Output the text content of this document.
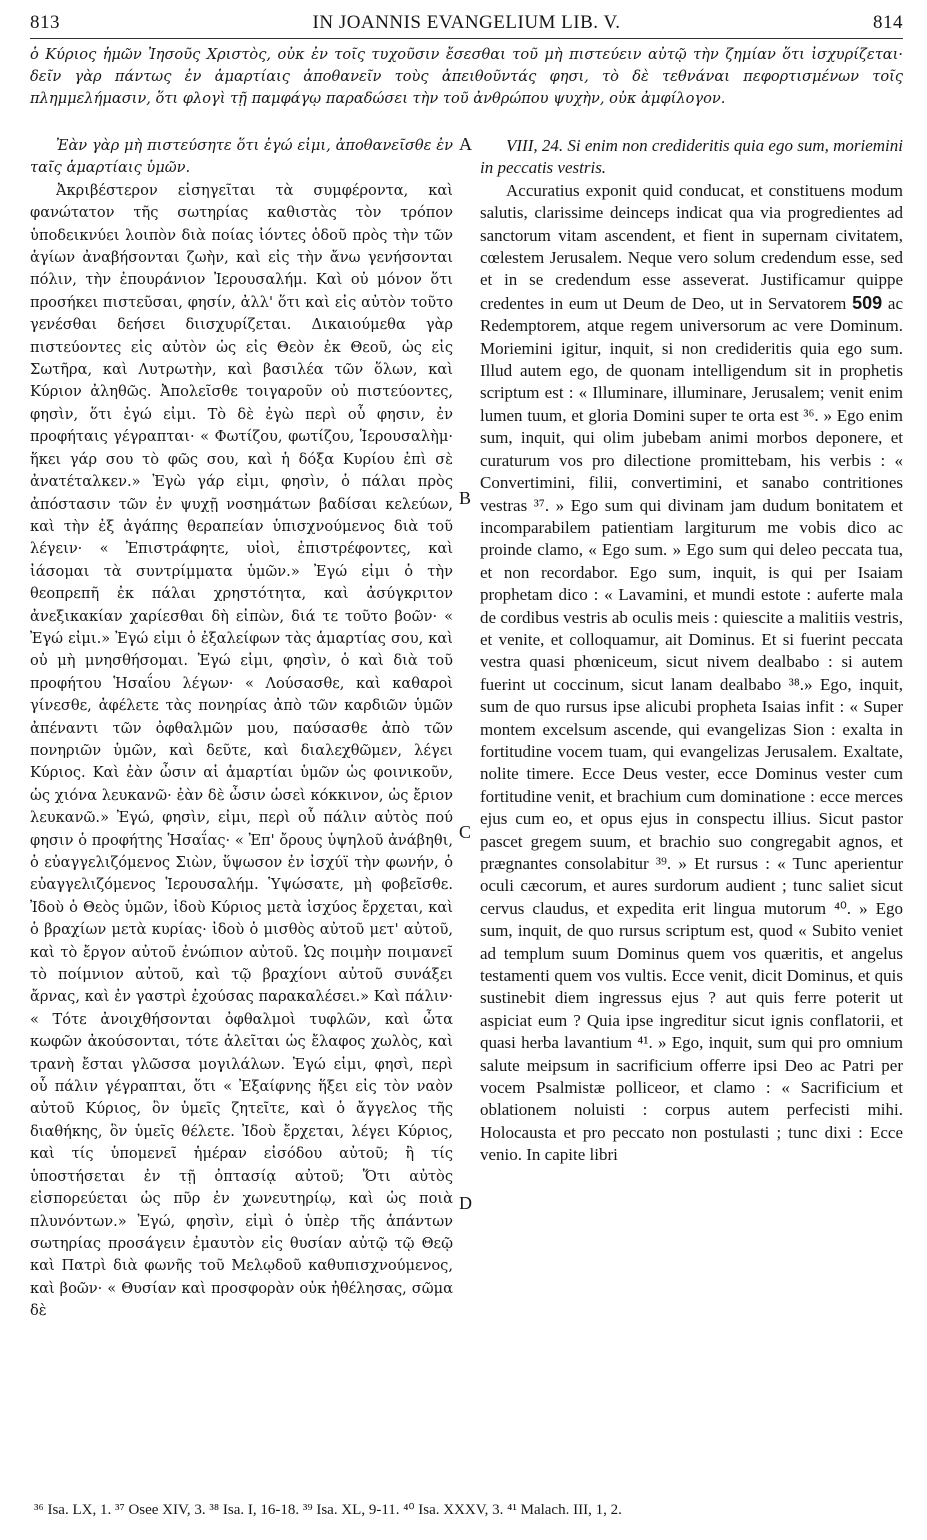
813	IN JOANNIS EVANGELIUM LIB. V.	814
ὁ Κύριος ἡμῶν Ἰησοῦς Χριστὸς, οὐκ ἐν τοῖς τυχοῦσιν ἔσεσθαι τοῦ μὴ πιστεύειν αὐτῷ τὴν ζημίαν ὅτι ἰσχυρίζεται· δεῖν γὰρ πάντως ἐν ἁμαρτίαις ἀποθανεῖν τοὺς ἀπειθοῦντάς φησι, τὸ δὲ τεθνάναι πεφορτισμένων τοῖς πλημμελήμασιν, ὅτι φλογὶ τῇ παμφάγῳ παραδώσει τὴν τοῦ ἀνθρώπου ψυχὴν, οὐκ ἀμφίλογον.

Ἐὰν γὰρ μὴ πιστεύσητε ὅτι ἐγώ εἰμι, ἀποθανεῖσθε ἐν ταῖς ἁμαρτίαις ὑμῶν.

Ἀκριβέστερον εἰσηγεῖται τὰ συμφέροντα, καὶ φανώτατον τῆς σωτηρίας καθιστὰς τὸν τρόπον ὑποδεικνύει λοιπὸν διὰ ποίας ἰόντες ὁδοῦ πρὸς τὴν τῶν ἁγίων ἀναβήσονται ζωὴν, καὶ εἰς τὴν ἄνω γενήσονται πόλιν, τὴν ἐπουράνιον Ἰερουσαλήμ. Καὶ οὐ μόνον ὅτι προσήκει πιστεῦσαι, φησίν, ἀλλ' ὅτι καὶ εἰς αὐτὸν τοῦτο γενέσθαι δεήσει διισχυρίζεται. Δικαιούμεθα γὰρ πιστεύοντες εἰς αὐτὸν ὡς εἰς Θεὸν ἐκ Θεοῦ, ὡς εἰς Σωτῆρα, καὶ Λυτρωτὴν, καὶ βασιλέα τῶν ὅλων, καὶ Κύριον ἀληθῶς. Ἀπολεῖσθε τοιγαροῦν οὐ πιστεύοντες, φησὶν, ὅτι ἐγώ εἰμι. Τὸ δὲ ἐγὼ περὶ οὗ φησιν, ἐν προφήταις γέγραπται· « Φωτίζου, φωτίζου, Ἱερουσαλὴμ· ἥκει γάρ σου τὸ φῶς σου, καὶ ἡ δόξα Κυρίου ἐπὶ σὲ ἀνατέταλκεν.» Ἐγὼ γάρ εἰμι, φησὶν, ὁ πάλαι πρὸς ἀπόστασιν τῶν ἐν ψυχῇ νοσημάτων βαδίσαι κελεύων, καὶ τὴν ἐξ ἀγάπης θεραπείαν ὑπισχνούμενος διὰ τοῦ λέγειν· « Ἐπιστράφητε, υἱοὶ, ἐπιστρέφοντες, καὶ ἰάσομαι τὰ συντρίμματα ὑμῶν.» Ἐγώ εἰμι ὁ τὴν θεοπρεπῆ ἐκ πάλαι χρηστότητα, καὶ ἀσύγκριτον ἀνεξικακίαν χαρίεσθαι δὴ εἰπὼν, διά τε τοῦτο βοῶν· « Ἐγώ εἰμι.» Ἐγώ εἰμι ὁ ἐξαλείφων τὰς ἁμαρτίας σου, καὶ οὐ μὴ μνησθήσομαι. Ἐγώ εἰμι, φησὶν, ὁ καὶ διὰ τοῦ προφήτου Ἡσαΐου λέγων· « Λούσασθε, καὶ καθαροὶ γίνεσθε, ἀφέλετε τὰς πονηρίας ἀπὸ τῶν καρδιῶν ὑμῶν ἀπέναντι τῶν ὀφθαλμῶν μου, παύσασθε ἀπὸ τῶν πονηριῶν ὑμῶν, καὶ δεῦτε, καὶ διαλεχθῶμεν, λέγει Κύριος. Καὶ ἐὰν ὦσιν αἱ ἁμαρτίαι ὑμῶν ὡς φοινικοῦν, ὡς χιόνα λευκανῶ· ἐὰν δὲ ὦσιν ὡσεὶ κόκκινον, ὡς ἔριον λευκανῶ.» Ἐγώ, φησὶν, εἰμι, περὶ οὗ πάλιν αὐτὸς πού φησιν ὁ προφήτης Ἡσαΐας· « Ἐπ' ὄρους ὑψηλοῦ ἀνάβηθι, ὁ εὐαγγελιζόμενος Σιὼν, ὕψωσον ἐν ἰσχύϊ τὴν φωνήν, ὁ εὐαγγελιζόμενος Ἱερουσαλήμ. Ὑψώσατε, μὴ φοβεῖσθε. Ἰδοὺ ὁ Θεὸς ὑμῶν, ἰδοὺ Κύριος μετὰ ἰσχύος ἔρχεται, καὶ ὁ βραχίων μετὰ κυρίας· ἰδοὺ ὁ μισθὸς αὐτοῦ μετ' αὐτοῦ, καὶ τὸ ἔργον αὐτοῦ ἐνώπιον αὐτοῦ. Ὡς ποιμὴν ποιμανεῖ τὸ ποίμνιον αὐτοῦ, καὶ τῷ βραχίονι αὐτοῦ συνάξει ἄρνας, καὶ ἐν γαστρὶ ἐχούσας παρακαλέσει.» Καὶ πάλιν· « Τότε ἀνοιχθήσονται ὀφθαλμοὶ τυφλῶν, καὶ ὦτα κωφῶν ἀκούσονται, τότε ἁλεῖται ὡς ἔλαφος χωλὸς, καὶ τρανὴ ἔσται γλῶσσα μογιλάλων. Ἐγώ εἰμι, φησὶ, περὶ οὗ πάλιν γέγραπται, ὅτι « Ἐξαίφνης ἥξει εἰς τὸν ναὸν αὐτοῦ Κύριος, ὃν ὑμεῖς ζητεῖτε, καὶ ὁ ἄγγελος τῆς διαθήκης, ὃν ὑμεῖς θέλετε. Ἰδοὺ ἔρχεται, λέγει Κύριος, καὶ τίς ὑπομενεῖ ἡμέραν εἰσόδου αὐτοῦ; ἢ τίς ὑποστήσεται ἐν τῇ ὀπτασίᾳ αὐτοῦ; Ὅτι αὐτὸς εἰσπορεύεται ὡς πῦρ ἐν χωνευτηρίῳ, καὶ ὡς ποιὰ πλυνόντων.» Ἐγώ, φησὶν, εἰμὶ ὁ ὑπὲρ τῆς ἁπάντων σωτηρίας προσάγειν ἐμαυτὸν εἰς θυσίαν αὐτῷ τῷ Θεῷ καὶ Πατρὶ διὰ φωνῆς τοῦ Μελῳδοῦ καθυπισχνούμενος, καὶ βοῶν· « Θυσίαν καὶ προσφορὰν οὐκ ἠθέλησας, σῶμα δὲ

VIII, 24. Si enim non credideritis quia ego sum, moriemini in peccatis vestris.

Accuratius exponit quid conducat, et constituens modum salutis, clarissime deinceps indicat qua via progredientes ad sanctorum vitam ascendent, et fient in supernam civitatem, cœlestem Jerusalem. Neque vero solum credendum esse, sed et in se credendum esse asseverat. Justificamur quippe credentes in eum ut Deum de Deo, ut in Servatorem 509 ac Redemptorem, atque regem universorum ac vere Dominum. Moriemini igitur, inquit, si non credideritis quia ego sum. Illud autem ego, de quonam intelligendum sit in prophetis scriptum est : « Illuminare, illuminare, Jerusalem; venit enim lumen tuum, et gloria Domini super te orta est ³⁶. » Ego enim sum, inquit, qui olim jubebam animi morbos deponere, et curaturum vos pro dilectione promittebam, his verbis : « Convertimini, filii, convertimini, et sanabo contritiones vestras ³⁷. » Ego sum qui divinam jam dudum bonitatem et incomparabilem patientiam largiturum me vobis dico ac proinde clamo, « Ego sum. » Ego sum qui deleo peccata tua, et non recordabor. Ego sum, inquit, is qui per Isaiam prophetam dico : « Lavamini, et mundi estote : auferte mala de cordibus vestris ab oculis meis : quiescite a malitiis vestris, et venite, et colloquamur, ait Dominus. Et si fuerint peccata vestra quasi phœniceum, sicut nivem dealbabo : si autem fuerint ut coccinum, sicut lanam dealbabo ³⁸.» Ego, inquit, sum de quo rursus ipse alicubi propheta Isaias infit : « Super montem excelsum ascende, qui evangelizas Sion : exalta in fortitudine vocem tuam, qui evangelizas Jerusalem. Exaltate, nolite timere. Ecce Deus vester, ecce Dominus vester cum fortitudine venit, et brachium cum dominatione : ecce merces ejus cum eo, et opus ejus in conspectu illius. Sicut pastor pascet gregem suum, et brachio suo congregabit agnos, et prægnantes consolabitur ³⁹. » Et rursus : « Tunc aperientur oculi cæcorum, et aures surdorum audient ; tunc saliet sicut cervus claudus, et expedita erit lingua mutorum ⁴⁰. » Ego sum, inquit, de quo rursus scriptum est, quod « Subito veniet ad templum suum Dominus quem vos quæritis, et angelus testamenti quem vos vultis. Ecce venit, dicit Dominus, et quis sustinebit diem ingressus ejus ? aut quis ferre poterit ut aspiciat eum ? Quia ipse ingreditur sicut ignis conflatorii, et quasi herba lavantium ⁴¹. » Ego, inquit, sum qui pro omnium salute meipsum in sacrificium offerre ipsi Deo ac Patri per vocem Psalmistæ polliceor, et clamo : « Sacrificium et oblationem noluisti : corpus autem perfecisti mihi. Holocausta et pro peccato non postulasti ; tunc dixi : Ecce venio. In capite libri

A
B
C
D
³⁶ Isa. LX, 1. ³⁷ Osee XIV, 3. ³⁸ Isa. I, 16-18. ³⁹ Isa. XL, 9-11. ⁴⁰ Isa. XXXV, 3. ⁴¹ Malach. III, 1, 2.
